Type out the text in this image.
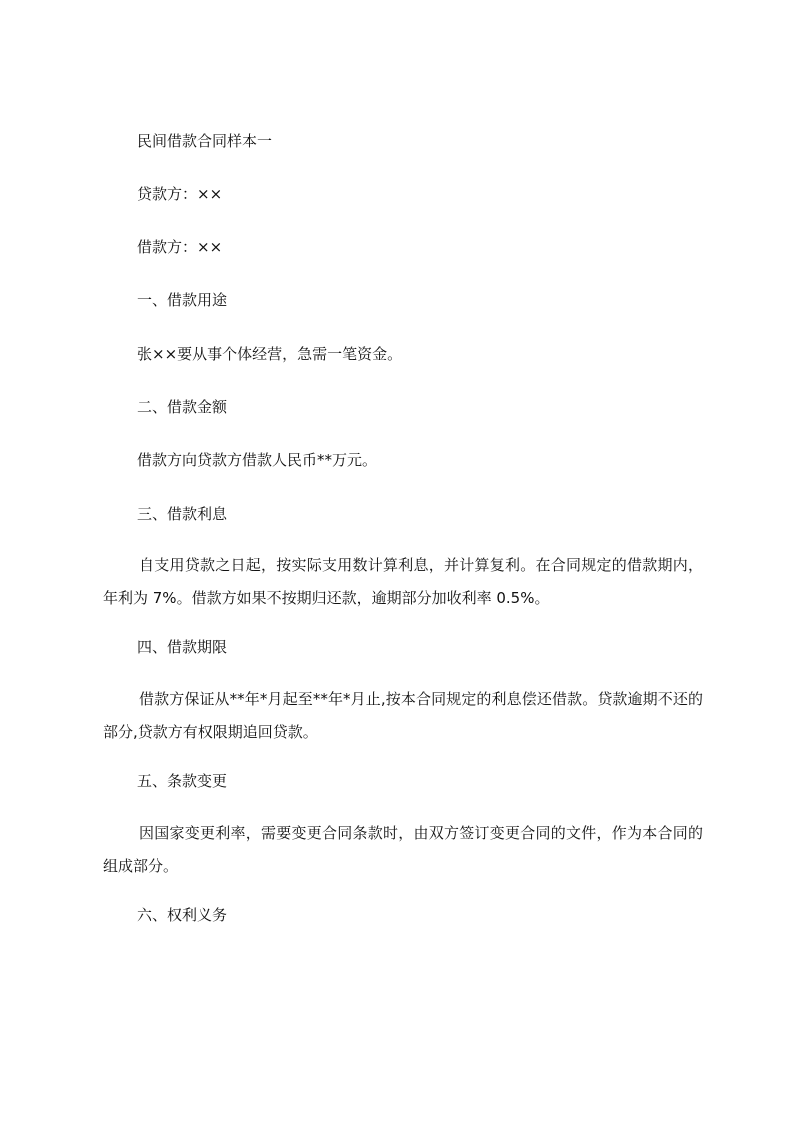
民间借款合同样本一

贷款方：××

借款方：××

一、借款用途

张××要从事个体经营，急需一笔资金。

二、借款金额

借款方向贷款方借款人民币**万元。

三、借款利息

自支用贷款之日起，按实际支用数计算利息，并计算复利。在合同规定的借款期内，年利为 7%。借款方如果不按期归还款，逾期部分加收利率 0.5%。

四、借款期限

借款方保证从**年*月起至**年*月止,按本合同规定的利息偿还借款。贷款逾期不还的部分,贷款方有权限期追回贷款。

五、条款变更

因国家变更利率，需要变更合同条款时，由双方签订变更合同的文件，作为本合同的组成部分。

六、权利义务
